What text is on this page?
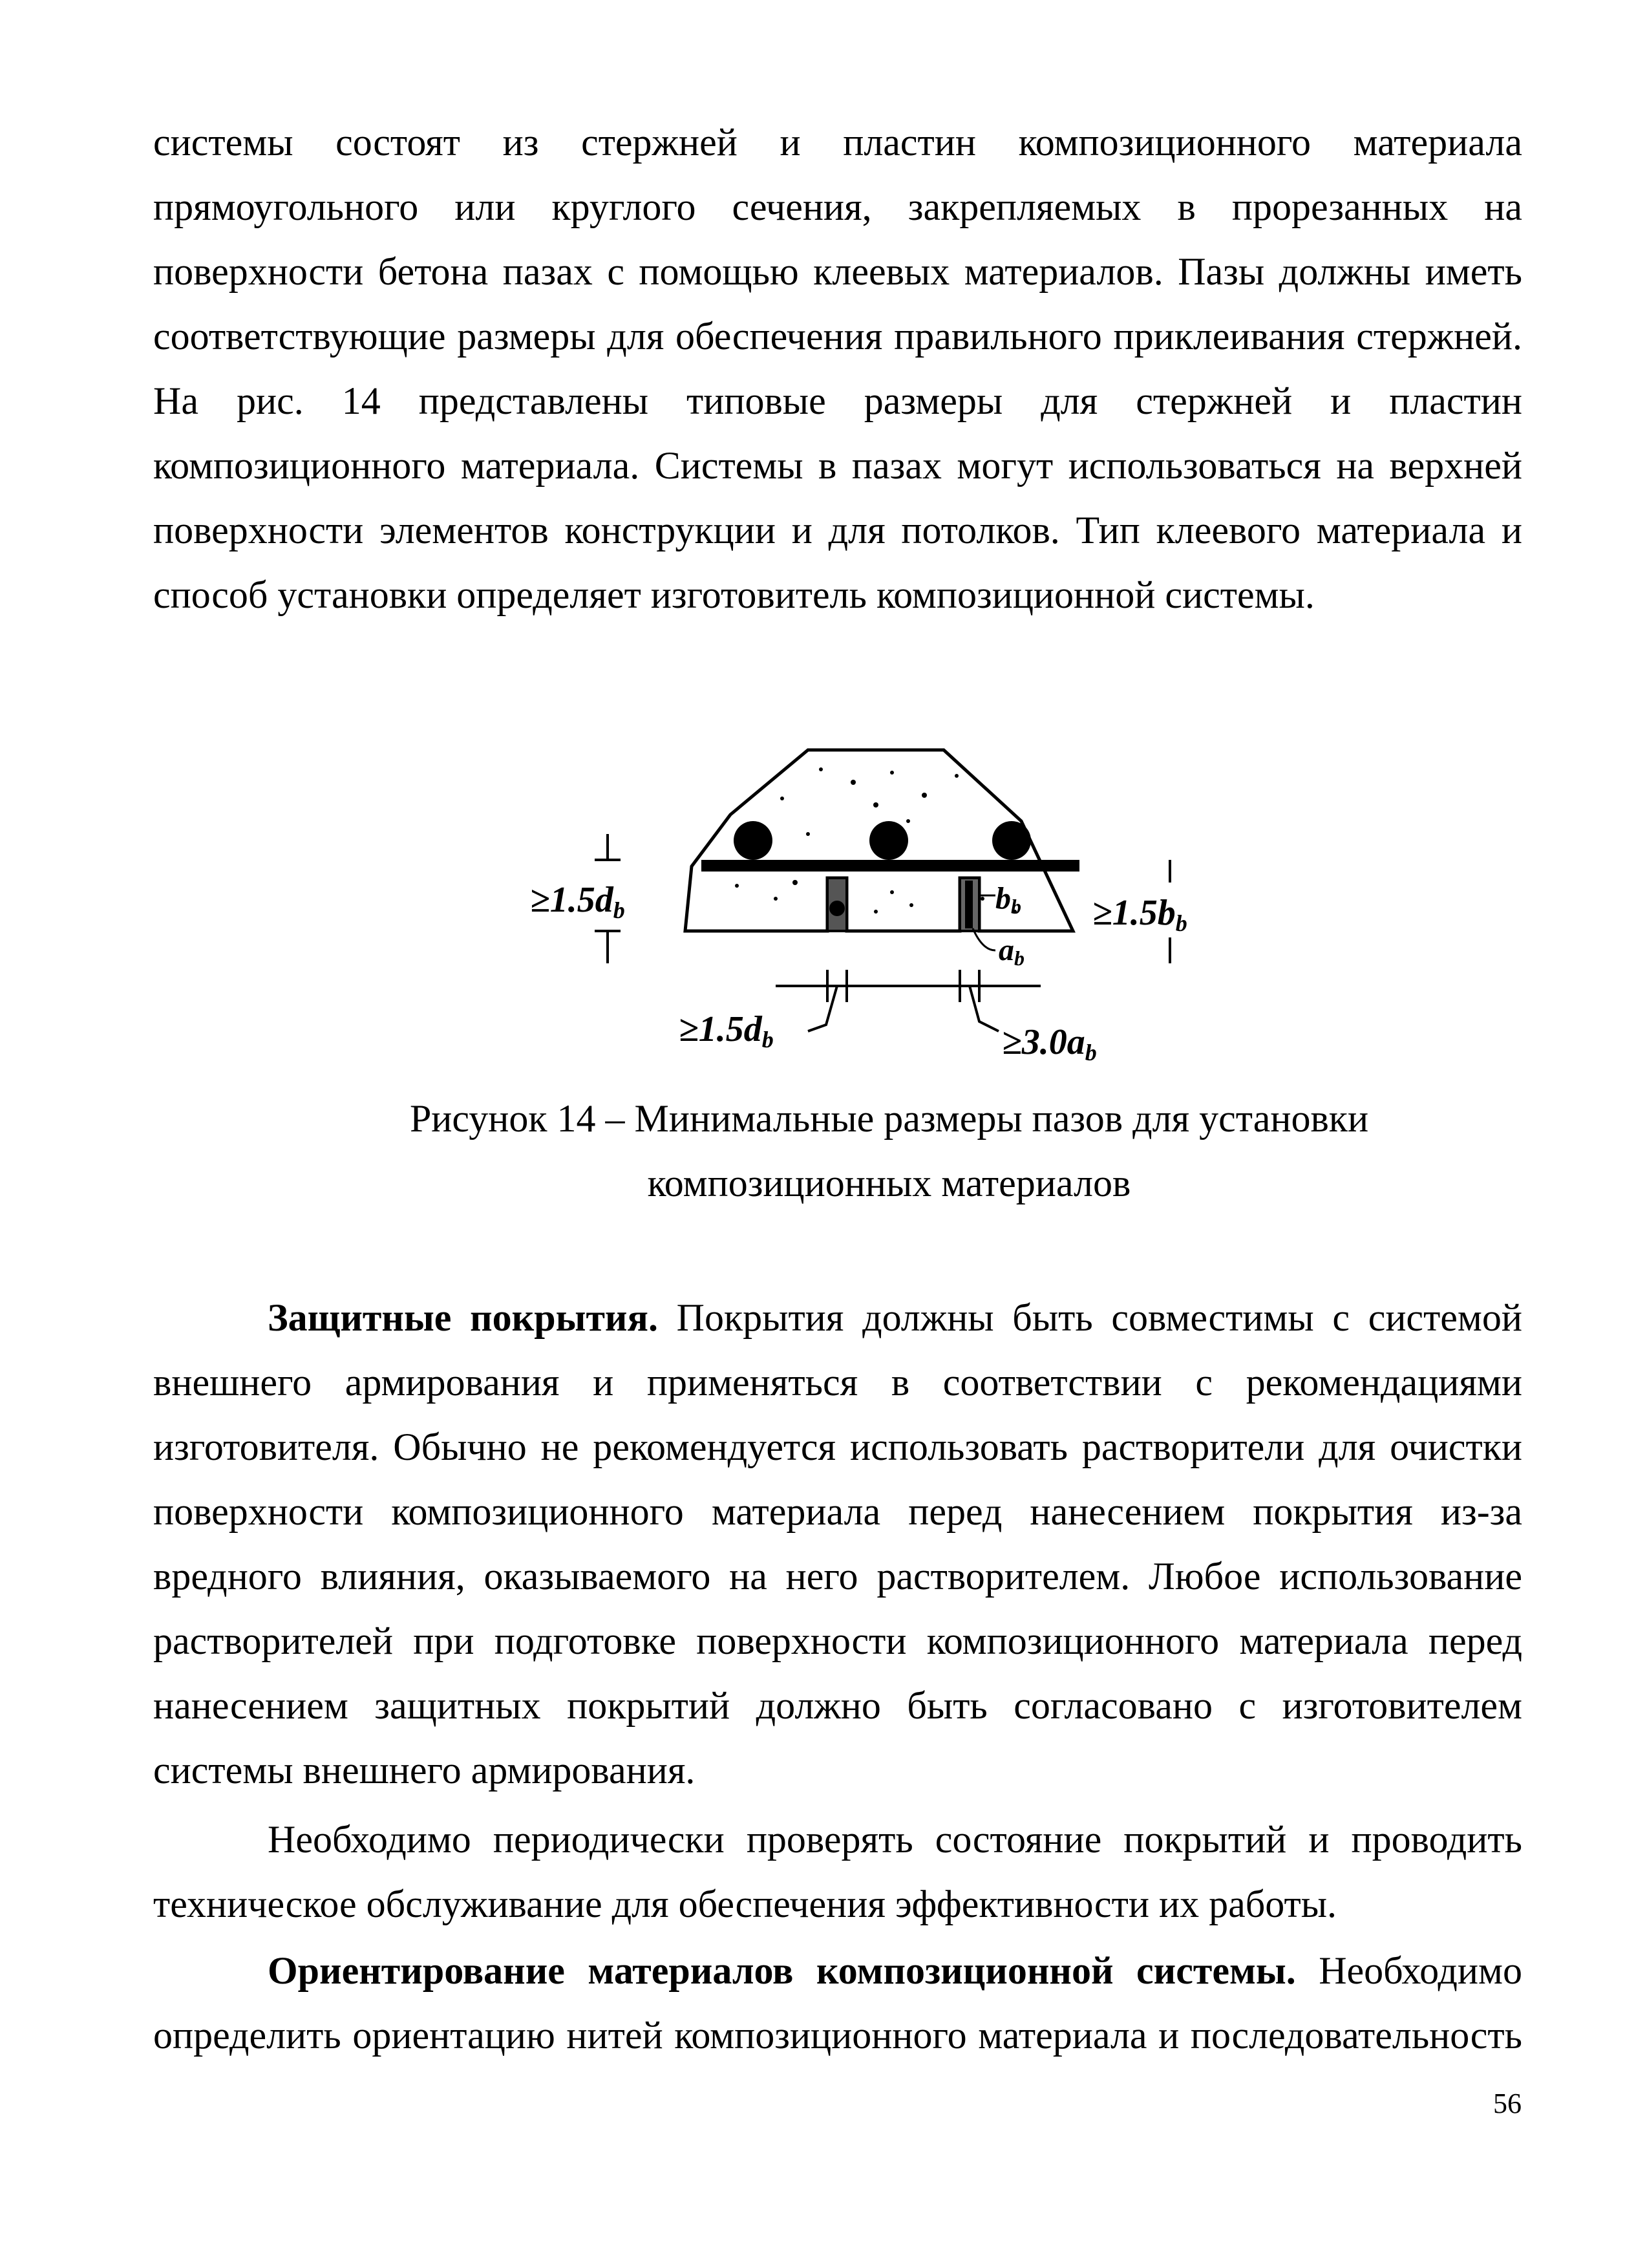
системы состоят из стержней и пластин композиционного материала прямоугольного или круглого сечения, закрепляемых в прорезанных на поверхности бетона пазах с помощью клеевых материалов. Пазы должны иметь соответствующие размеры для обеспечения правильного приклеивания стержней. На рис. 14 представлены типовые размеры для стержней и пластин композиционного материала. Системы в пазах могут использоваться на верхней поверхности элементов конструкции и для потолков. Тип клеевого материала и способ установки определяет изготовитель композиционной системы.

≥1.5db	≥1.5bb
bb
ab
≥1.5db	≥3.0ab

Рисунок 14 – Минимальные размеры пазов для установки

композиционных материалов

Защитные покрытия. Покрытия должны быть совместимы с системой внешнего армирования и применяться в соответствии с рекомендациями изготовителя. Обычно не рекомендуется использовать растворители для очистки поверхности композиционного материала перед нанесением покрытия из-за вредного влияния, оказываемого на него растворителем. Любое использование растворителей при подготовке поверхности композиционного материала перед нанесением защитных покрытий должно быть согласовано с изготовителем системы внешнего армирования.

Необходимо периодически проверять состояние покрытий и проводить техническое обслуживание для обеспечения эффективности их работы.

Ориентирование материалов композиционной системы. Необходимо определить ориентацию нитей композиционного материала и последовательность

56
